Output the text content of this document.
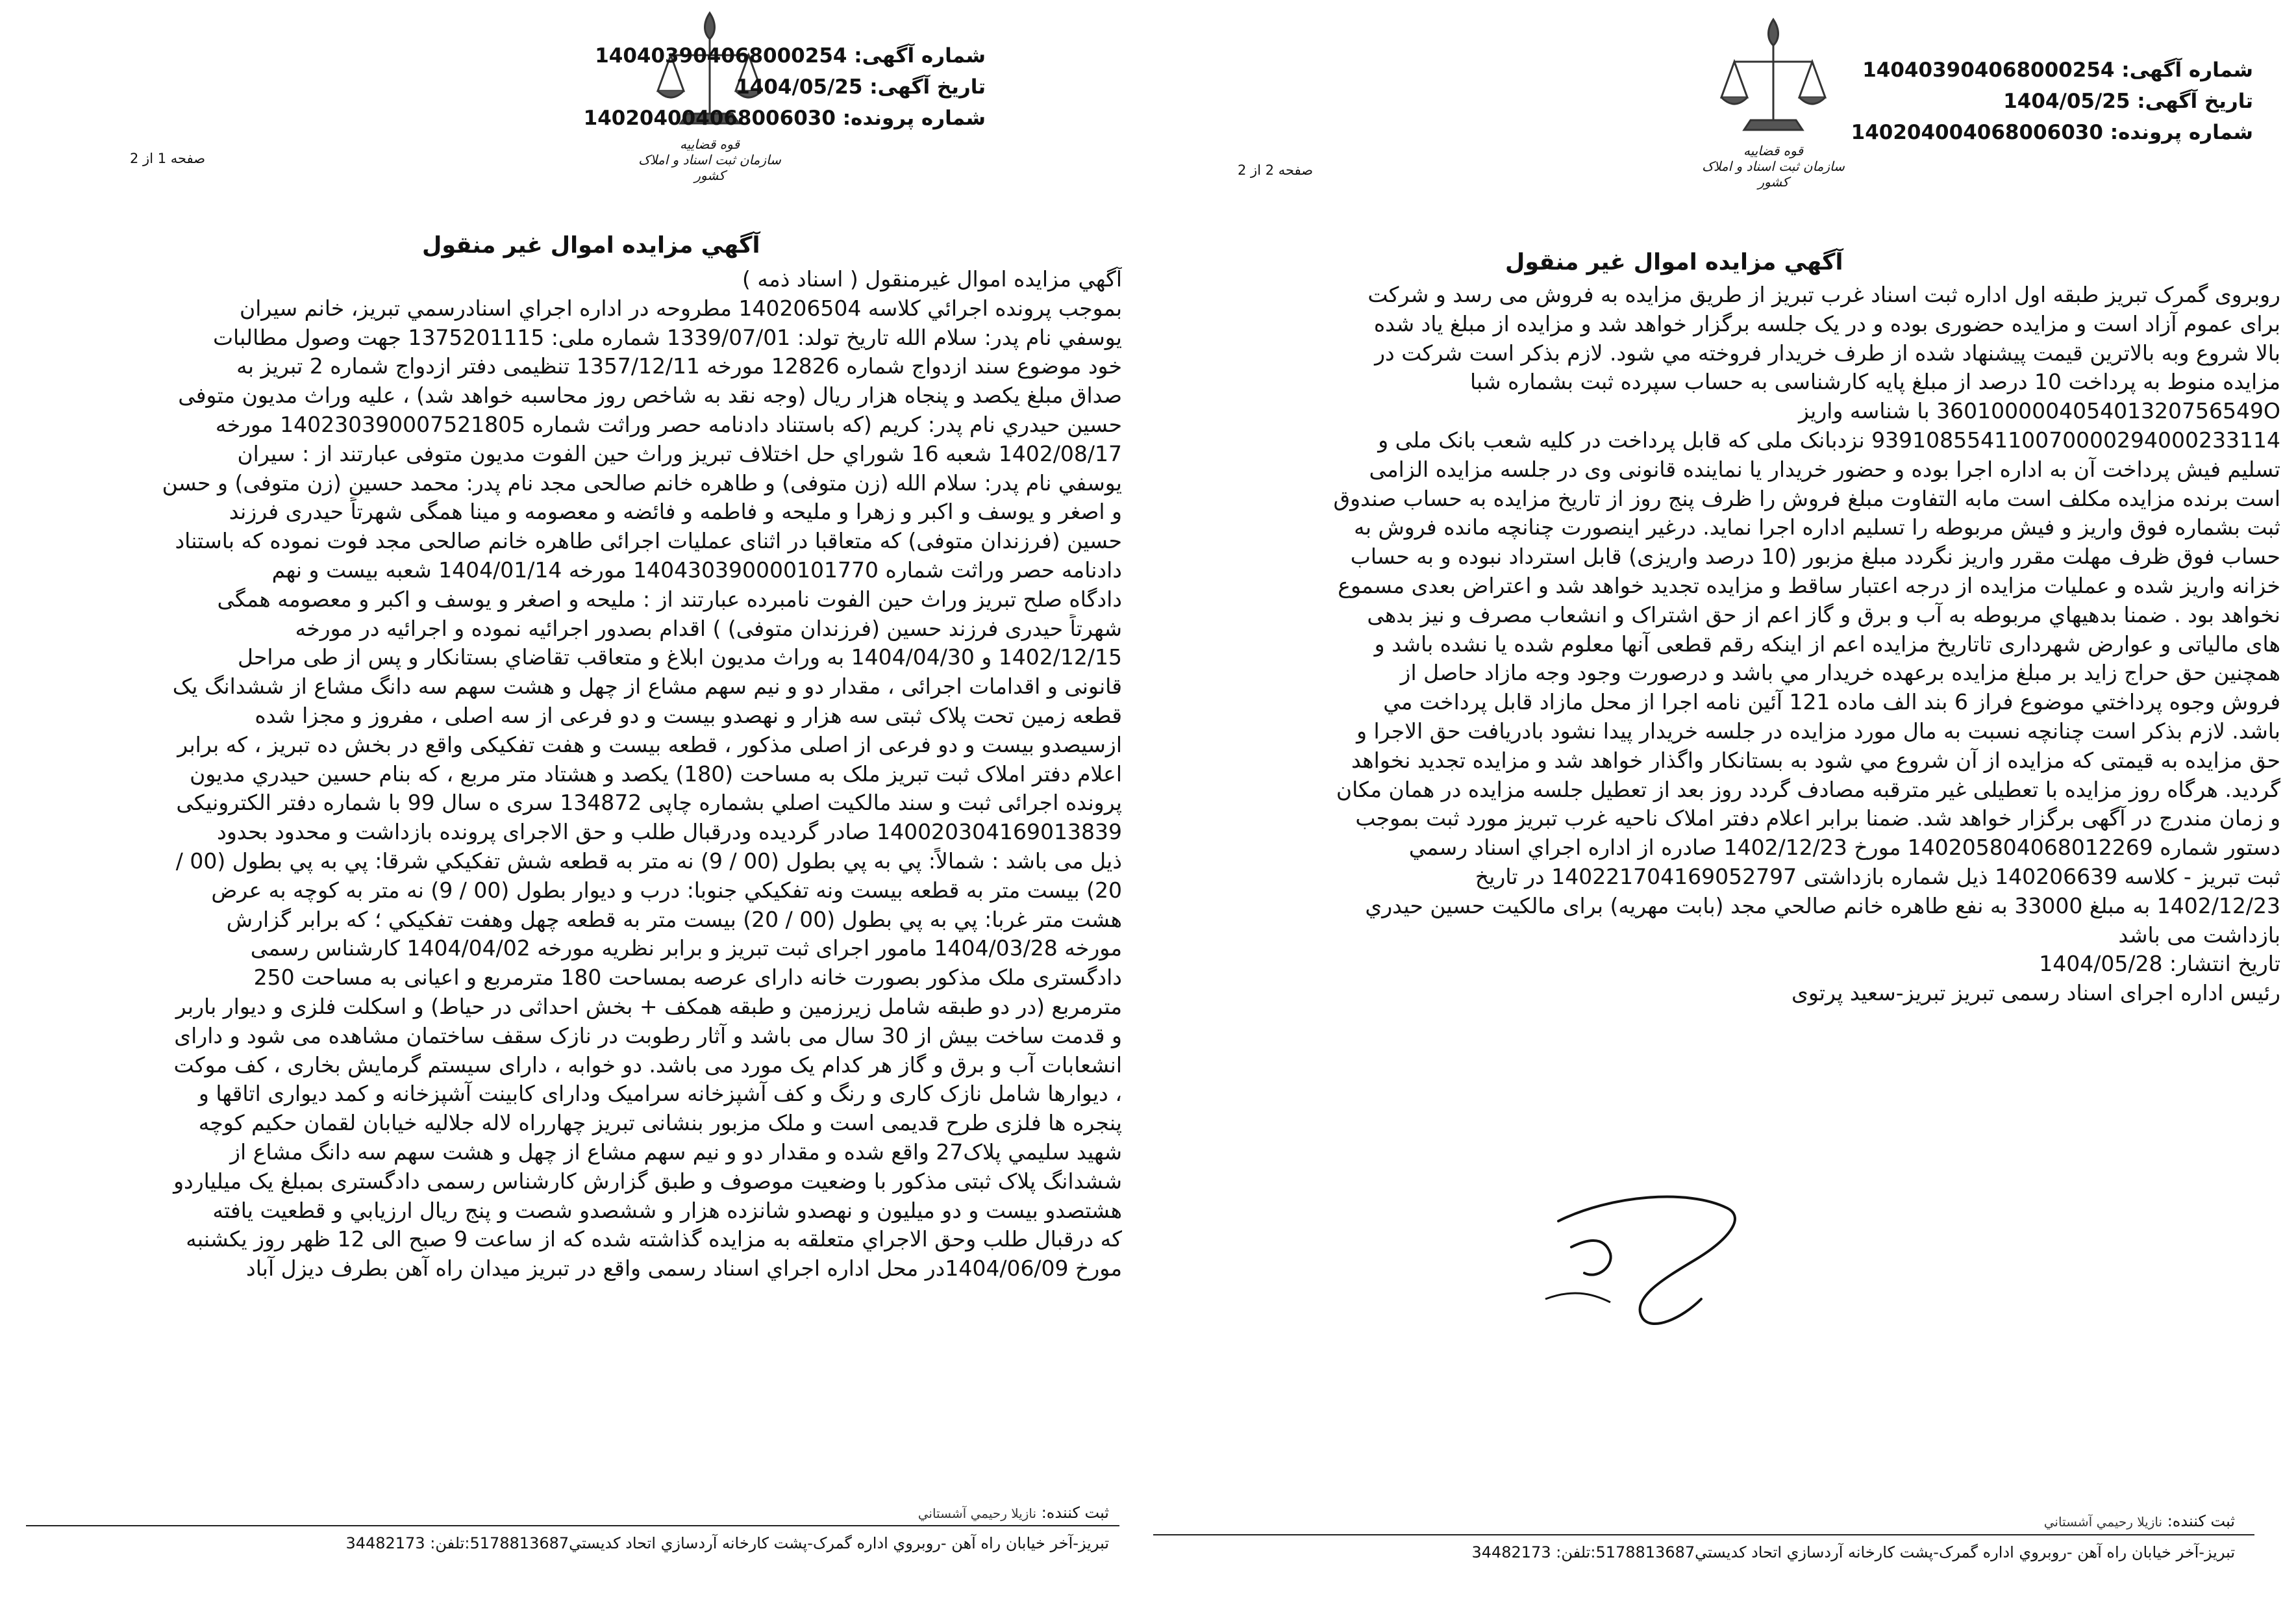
قوه قضاییه
سازمان ثبت اسناد و املاک کشور
شماره آگهی: 140403904068000254
تاریخ آگهی: 1404/05/25
شماره پرونده: 140204004068006030
صفحه 1 از 2
آگهي مزايده اموال غير منقول
آگهي مزايده اموال غيرمنقول ( اسناد ذمه )
بموجب پرونده اجرائي كلاسه 140206504 مطروحه در اداره اجراي اسنادرسمي تبريز، خانم سيران
يوسفي نام پدر: سلام الله تاريخ تولد: 1339/07/01 شماره ملی: 1375201115 جهت وصول مطالبات
خود موضوع سند ازدواج شماره 12826 مورخه 1357/12/11 تنظيمی دفتر ازدواج شماره 2 تبريز به
صداق مبلغ يكصد و پنجاه هزار ريال (وجه نقد به شاخص روز محاسبه خواهد شد) ، عليه وراث مديون متوفی
حسين حيدري نام پدر: كريم (كه باستناد دادنامه حصر وراثت شماره 140230390007521805 مورخه
1402/08/17 شعبه 16 شوراي حل اختلاف تبريز وراث حين الفوت مديون متوفی عبارتند از : سيران
يوسفي نام پدر: سلام الله (زن متوفی) و طاهره خانم صالحی مجد نام پدر: محمد حسين (زن متوفی) و حسن
و اصغر و يوسف و اكبر و زهرا و مليحه و فاطمه و فائضه و معصومه و مينا همگی شهرتاً حيدری فرزند
حسين (فرزندان متوفی) كه متعاقبا در اثنای عمليات اجرائی طاهره خانم صالحی مجد فوت نموده كه باستناد
دادنامه حصر وراثت شماره 140430390000101770 مورخه 1404/01/14 شعبه بيست و نهم
دادگاه صلح تبريز وراث حين الفوت نامبرده عبارتند از : مليحه و اصغر و يوسف و اكبر و معصومه همگی
شهرتاً حيدری فرزند حسين (فرزندان متوفی) ) اقدام بصدور اجرائيه نموده و اجرائيه در مورخه
1402/12/15 و 1404/04/30 به وراث مديون ابلاغ و متعاقب تقاضاي بستانكار و پس از طی مراحل
قانونی و اقدامات اجرائی ، مقدار دو و نيم سهم مشاع از چهل و هشت سهم سه دانگ مشاع از ششدانگ يک
قطعه زمين تحت پلاک ثبتی سه هزار و نهصدو بيست و دو فرعی از سه اصلی ، مفروز و مجزا شده
ازسيصدو بيست و دو فرعی از اصلی مذكور ، قطعه بيست و هفت تفكيكی واقع در بخش ده تبريز ، كه برابر
اعلام دفتر املاک ثبت تبريز ملک به مساحت (180) يكصد و هشتاد متر مربع ، كه بنام حسين حيدري مديون
پرونده اجرائی ثبت و سند مالكيت اصلي بشماره چاپی 134872 سری ه سال 99 با شماره دفتر الكترونيكی
140020304169013839 صادر گرديده ودرقبال طلب و حق الاجرای پرونده بازداشت و محدود بحدود
ذيل می باشد : شمالاً: پي به پي بطول (00 / 9) نه متر به قطعه شش تفكيكي شرقا: پي به پي بطول (00 /
20) بيست متر به قطعه بيست ونه تفكيكي جنوبا: درب و ديوار بطول (00 / 9) نه متر به كوچه به عرض
هشت متر غربا: پي به پي بطول (00 / 20) بيست متر به قطعه چهل وهفت تفكيكي ؛ كه برابر گزارش
مورخه 1404/03/28 مامور اجرای ثبت تبريز و برابر نظريه مورخه 1404/04/02 كارشناس رسمی
دادگستری ملک مذكور بصورت خانه دارای عرصه بمساحت 180 مترمربع و اعيانی به مساحت 250
مترمربع (در دو طبقه شامل زيرزمين و طبقه همكف + بخش احداثی در حياط) و اسكلت فلزی و ديوار باربر
و قدمت ساخت بيش از 30 سال می باشد و آثار رطوبت در نازک سقف ساختمان مشاهده می شود و دارای
انشعابات آب و برق و گاز هر كدام يک مورد می باشد. دو خوابه ، دارای سيستم گرمايش بخاری ، كف موكت
، ديوارها شامل نازک كاری و رنگ و كف آشپزخانه سراميک ودارای كابينت آشپزخانه و كمد ديواری اتاقها و
پنجره ها فلزی طرح قديمی است و ملک مزبور بنشانی تبريز چهارراه لاله جلاليه خيابان لقمان حكيم كوچه
شهيد سليمي پلاک27 واقع شده و مقدار دو و نيم سهم مشاع از چهل و هشت سهم سه دانگ مشاع از
ششدانگ پلاک ثبتی مذكور با وضعيت موصوف و طبق گزارش كارشناس رسمی دادگستری بمبلغ يک ميلياردو
هشتصدو بيست و دو ميليون و نهصدو شانزده هزار و ششصدو شصت و پنج ريال ارزيابي و قطعيت يافته
كه درقبال طلب وحق الاجراي متعلقه به مزايده گذاشته شده كه از ساعت 9 صبح الی 12 ظهر روز يكشنبه
مورخ 1404/06/09در محل اداره اجراي اسناد رسمی واقع در تبريز ميدان راه آهن بطرف ديزل آباد
ثبت كننده: نازيلا رحيمي آشستاني
تبريز-آخر خيابان راه آهن -روبروي اداره گمرک-پشت كارخانه آردسازي اتحاد كديستي5178813687:تلفن: 34482173
قوه قضاییه
سازمان ثبت اسناد و املاک کشور
شماره آگهی: 140403904068000254
تاریخ آگهی: 1404/05/25
شماره پرونده: 140204004068006030
صفحه 2 از 2
آگهي مزايده اموال غير منقول
روبروی گمرک تبريز طبقه اول اداره ثبت اسناد غرب تبريز از طريق مزايده به فروش می رسد و شركت
برای عموم آزاد است و مزايده حضوری بوده و در يک جلسه برگزار خواهد شد و مزايده از مبلغ ياد شده
بالا شروع وبه بالاترين قيمت پيشنهاد شده از طرف خريدار فروخته مي شود. لازم بذكر است شركت در
مزايده منوط به پرداخت 10 درصد از مبلغ پايه كارشناسی به حساب سپرده ثبت بشماره شبا
360100000405401320756549O با شناسه واريز
939108554110070000294000233114 نزدبانک ملی كه قابل پرداخت در كليه شعب بانک ملی و
تسليم فيش پرداخت آن به اداره اجرا بوده و حضور خريدار يا نماينده قانونی وی در جلسه مزايده الزامی
است برنده مزايده مكلف است مابه التفاوت مبلغ فروش را ظرف پنج روز از تاريخ مزايده به حساب صندوق
ثبت بشماره فوق واريز و فيش مربوطه را تسليم اداره اجرا نمايد. درغير اينصورت چنانچه مانده فروش به
حساب فوق ظرف مهلت مقرر واريز نگردد مبلغ مزبور (10 درصد واريزی) قابل استرداد نبوده و به حساب
خزانه واريز شده و عمليات مزايده از درجه اعتبار ساقط و مزايده تجديد خواهد شد و اعتراض بعدی مسموع
نخواهد بود . ضمنا بدهيهاي مربوطه به آب و برق و گاز اعم از حق اشتراک و انشعاب مصرف و نيز بدهی
های مالياتی و عوارض شهرداری تاتاريخ مزايده اعم از اينكه رقم قطعی آنها معلوم شده يا نشده باشد و
همچنين حق حراج زايد بر مبلغ مزايده برعهده خريدار مي باشد و درصورت وجود وجه مازاد حاصل از
فروش وجوه پرداختي موضوع فراز 6 بند الف ماده 121 آئين نامه اجرا از محل مازاد قابل پرداخت مي
باشد. لازم بذكر است چنانچه نسبت به مال مورد مزايده در جلسه خريدار پيدا نشود بادريافت حق الاجرا و
حق مزايده به قيمتی كه مزايده از آن شروع مي شود به بستانكار واگذار خواهد شد و مزايده تجديد نخواهد
گرديد. هرگاه روز مزايده با تعطيلی غير مترقبه مصادف گردد روز بعد از تعطيل جلسه مزايده در همان مكان
و زمان مندرج در آگهی برگزار خواهد شد. ضمنا برابر اعلام دفتر املاک ناحيه غرب تبريز مورد ثبت بموجب
دستور شماره 140205804068012269 مورخ 1402/12/23 صادره از اداره اجراي اسناد رسمي
ثبت تبريز - كلاسه 140206639 ذيل شماره بازداشتی 140221704169052797 در تاريخ
1402/12/23 به مبلغ 33000 به نفع طاهره خانم صالحي مجد (بابت مهريه) برای مالكيت حسين حيدري
بازداشت می باشد
تاريخ انتشار: 1404/05/28
رئيس اداره اجرای اسناد رسمی تبريز تبريز-سعيد پرتوی
ثبت كننده: نازيلا رحيمي آشستاني
تبريز-آخر خيابان راه آهن -روبروي اداره گمرک-پشت كارخانه آردسازي اتحاد كديستي5178813687:تلفن: 34482173
